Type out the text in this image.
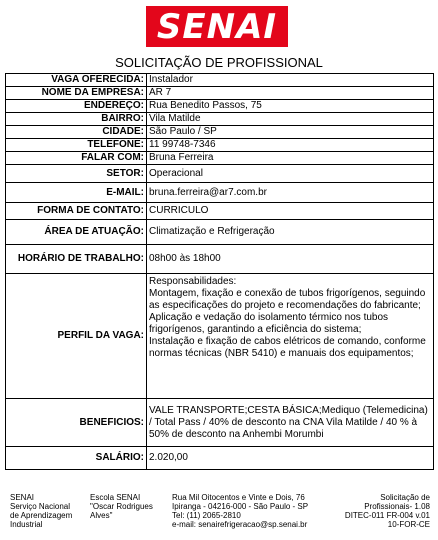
SENAI
SOLICITAÇÃO DE PROFISSIONAL
VAGA OFERECIDA:	Instalador
NOME DA EMPRESA:	AR 7
ENDEREÇO:	Rua Benedito Passos, 75
BAIRRO:	Vila Matilde
CIDADE:	São Paulo / SP
TELEFONE:	11 99748-7346
FALAR COM:	Bruna Ferreira
SETOR:	Operacional
E-MAIL:	bruna.ferreira@ar7.com.br
FORMA DE CONTATO:	CURRICULO
ÁREA DE ATUAÇÃO:	Climatização e Refrigeração
HORÁRIO DE TRABALHO:	08h00 às 18h00
PERFIL DA VAGA:	Responsabilidades:
Montagem, fixação e conexão de tubos frigorígenos, seguindo as especificações do projeto e recomendações do fabricante;
Aplicação e vedação do isolamento térmico nos tubos frigorígenos, garantindo a eficiência do sistema;
Instalação e fixação de cabos elétricos de comando, conforme normas técnicas (NBR 5410) e manuais dos equipamentos;

BENEFICIOS:	VALE TRANSPORTE;CESTA BÁSICA;Mediquo (Telemedicina) / Total Pass / 40% de desconto na CNA Vila Matilde / 40 % à 50% de desconto na Anhembi Morumbi
SALÁRIO:	2.020,00
SENAI
Serviço Nacional
de Aprendizagem
Industrial
Escola SENAI
"Oscar Rodrigues
Alves"
Rua Mil Oitocentos e Vinte e Dois, 76
Ipiranga - 04216-000 - São Paulo - SP
Tel: (11) 2065-2810
e-mail: senairefrigeracao@sp.senai.br
Solicitação de
Profissionais- 1.08
DITEC-011 FR-004 v.01
10-FOR-CE
